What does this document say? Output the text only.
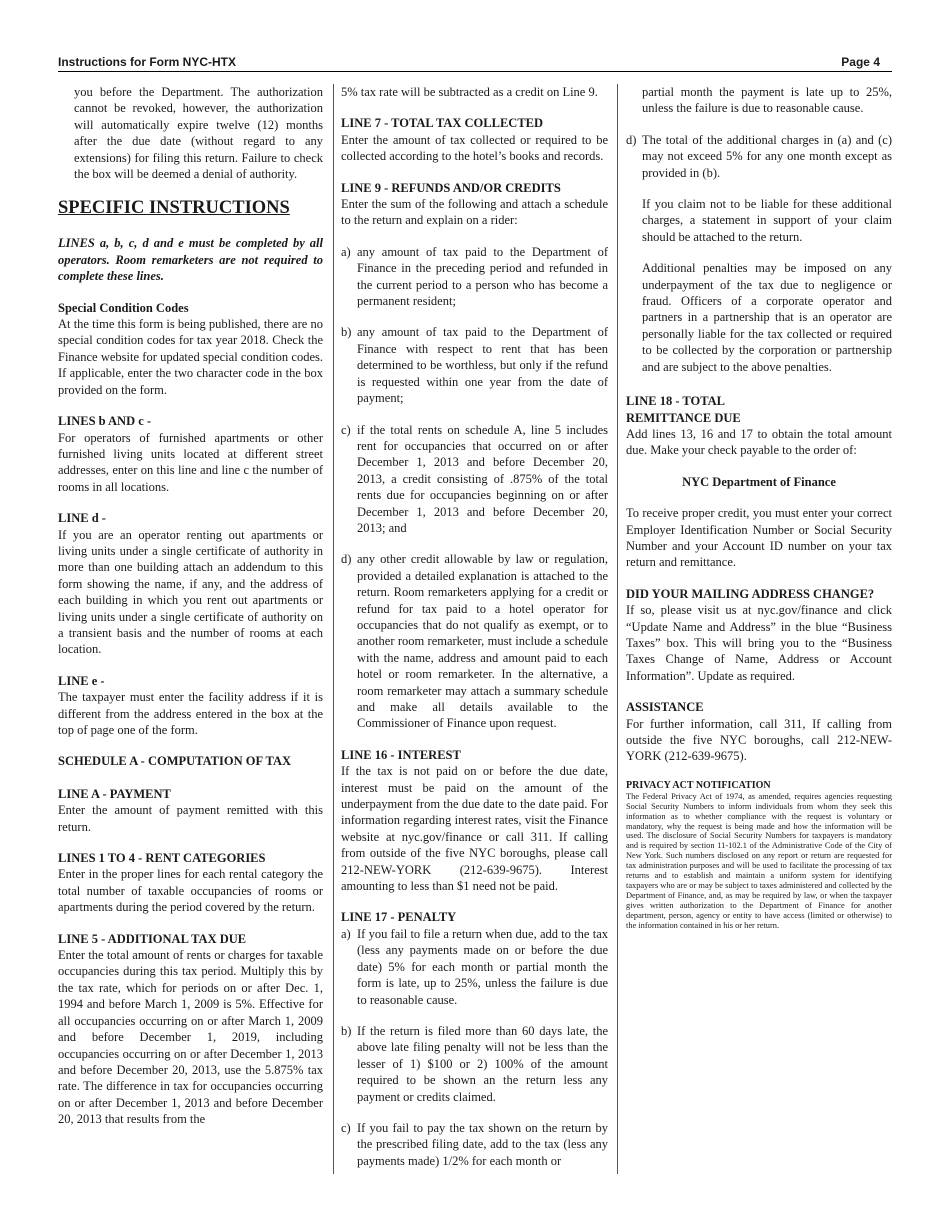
Instructions for Form NYC-HTX	Page 4

you before the Department. The authorization cannot be revoked, however, the authorization will automatically expire twelve (12) months after the due date (without regard to any extensions) for filing this return. Failure to check the box will be deemed a denial of authority.

SPECIFIC INSTRUCTIONS

LINES a, b, c, d and e must be completed by all operators. Room remarketers are not required to complete these lines.

Special Condition Codes

At the time this form is being published, there are no special condition codes for tax year 2018. Check the Finance website for updated special condition codes. If applicable, enter the two character code in the box provided on the form.

LINES b AND c -

For operators of furnished apartments or other furnished living units located at different street addresses, enter on this line and line c the number of rooms in all locations.

LINE d -

If you are an operator renting out apartments or living units under a single certificate of authority in more than one building attach an addendum to this form showing the name, if any, and the address of each building in which you rent out apartments or living units under a single certificate of authority on a transient basis and the number of rooms at each location.

LINE e -

The taxpayer must enter the facility address if it is different from the address entered in the box at the top of page one of the form.

SCHEDULE A - COMPUTATION OF TAX
LINE A - PAYMENT

Enter the amount of payment remitted with this return.

LINES 1 TO 4 - RENT CATEGORIES

Enter in the proper lines for each rental category the total number of taxable occupancies of rooms or apartments during the period covered by the return.

LINE 5 - ADDITIONAL TAX DUE

Enter the total amount of rents or charges for taxable occupancies during this tax period. Multiply this by the tax rate, which for periods on or after Dec. 1, 1994 and before March 1, 2009 is 5%. Effective for all occupancies occurring on or after March 1, 2009 and before December 1, 2019, including occupancies occurring on or after December 1, 2013 and before December 20, 2013, use the 5.875% tax rate. The difference in tax for occupancies occurring on or after December 1, 2013 and before December 20, 2013 that results from the

5% tax rate will be subtracted as a credit on Line 9.

LINE 7 - TOTAL TAX COLLECTED

Enter the amount of tax collected or required to be collected according to the hotel’s books and records.

LINE 9 - REFUNDS AND/OR CREDITS

Enter the sum of the following and attach a schedule to the return and explain on a rider:

a) any amount of tax paid to the Department of Finance in the preceding period and refunded in the current period to a person who has become a permanent resident;
b) any amount of tax paid to the Department of Finance with respect to rent that has been determined to be worthless, but only if the refund is requested within one year from the date of payment;
c) if the total rents on schedule A, line 5 includes rent for occupancies that occurred on or after December 1, 2013 and before December 20, 2013, a credit consisting of .875% of the total rents due for occupancies beginning on or after December 1, 2013 and before December 20, 2013; and
d) any other credit allowable by law or regulation, provided a detailed explanation is attached to the return. Room remarketers applying for a credit or refund for tax paid to a hotel operator for occupancies that do not qualify as exempt, or to another room remarketer, must include a schedule with the name, address and amount paid to each hotel or room remarketer. In the alternative, a room remarketer may attach a summary schedule and make all details available to the Commissioner of Finance upon request.
LINE 16 - INTEREST

If the tax is not paid on or before the due date, interest must be paid on the amount of the underpayment from the due date to the date paid. For information regarding interest rates, visit the Finance website at nyc.gov/finance or call 311. If calling from outside of the five NYC boroughs, please call 212-NEW-YORK (212-639-9675). Interest amounting to less than $1 need not be paid.

LINE 17 - PENALTY
a) If you fail to file a return when due, add to the tax (less any payments made on or before the due date) 5% for each month or partial month the form is late, up to 25%, unless the failure is due to reasonable cause.
b) If the return is filed more than 60 days late, the above late filing penalty will not be less than the lesser of 1) $100 or 2) 100% of the amount required to be shown an the return less any payment or credits claimed.
c) If you fail to pay the tax shown on the return by the prescribed filing date, add to the tax (less any payments made) 1/2% for each month or

partial month the payment is late up to 25%, unless the failure is due to reasonable cause.

d) The total of the additional charges in (a) and (c) may not exceed 5% for any one month except as provided in (b).

If you claim not to be liable for these additional charges, a statement in support of your claim should be attached to the return.

Additional penalties may be imposed on any underpayment of the tax due to negligence or fraud. Officers of a corporate operator and partners in a partnership that is an operator are personally liable for the tax collected or required to be collected by the corporation or partnership and are subject to the above penalties.

LINE 18 - TOTAL
REMITTANCE DUE

Add lines 13, 16 and 17 to obtain the total amount due. Make your check payable to the order of:

NYC Department of Finance

To receive proper credit, you must enter your correct Employer Identification Number or Social Security Number and your Account ID number on your tax return and remittance.

DID YOUR MAILING ADDRESS CHANGE?

If so, please visit us at nyc.gov/finance and click “Update Name and Address” in the blue “Business Taxes” box. This will bring you to the “Business Taxes Change of Name, Address or Account Information”. Update as required.

ASSISTANCE

For further information, call 311, If calling from outside the five NYC boroughs, call 212-NEW-YORK (212-639-9675).

PRIVACY ACT NOTIFICATION

The Federal Privacy Act of 1974, as amended, requires agencies requesting Social Security Numbers to inform individuals from whom they seek this information as to whether compliance with the request is voluntary or mandatory, why the request is being made and how the information will be used. The disclosure of Social Security Numbers for taxpayers is mandatory and is required by section 11-102.1 of the Administrative Code of the City of New York. Such numbers disclosed on any report or return are requested for tax administration purposes and will be used to facilitate the processing of tax returns and to establish and maintain a uniform system for identifying taxpayers who are or may be subject to taxes administered and collected by the Department of Finance, and, as may be required by law, or when the taxpayer gives written authorization to the Department of Finance for another department, person, agency or entity to have access (limited or otherwise) to the information contained in his or her return.
